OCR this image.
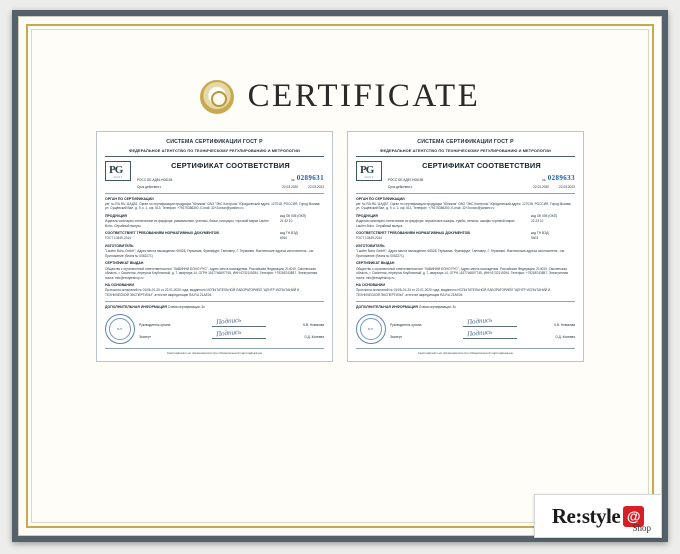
CERTIFICATE
СИСТЕМА СЕРТИФИКАЦИИ ГОСТ Р
ФЕДЕРАЛЬНОЕ АГЕНТСТВО ПО ТЕХНИЧЕСКОМУ РЕГУЛИРОВАНИЮ И МЕТРОЛОГИИ
РG
ГОСТ Р
СЕРТИФИКАТ СООТВЕТСТВИЯ
РОСС DE.АД51.Н06194	№ 0289631
Срок действия с	22.03.2020	22.03.2023
ОРГАН ПО СЕРТИФИКАЦИИ
рег. № RA.RU.11АД51. Орган по сертификации продукции "Юником" ОАО "ЭКС Контроль" Юридический адрес: 127018, РОССИЯ, Город Москва, ул. Сущёвский Вал, д. 9, к. 1, оф. 513. Телефон: +79175386300, E-mail: 32+2union@yandex.ru
ПРОДУКЦИЯ
Изделия санитарно-технические из фарфора: умывальники, унитазы, бачки, писсуары, торговой марки Laufen Bоhо. Серийный выпуск.
код ОК 005 (ОКП)
21 42 10
СООТВЕТСТВУЕТ ТРЕБОВАНИЯМ НОРМАТИВНЫХ ДОКУМЕНТОВ
ГОСТ 13449-2014
код ТН ВЭД
6910
ИЗГОТОВИТЕЛЬ
"Laufen Bоhо GmbH", Адрес места нахождения: 60528, Германия, Франкфурт, Ганновер, Г. Германия. Фактические адреса изготовителя - см. Приложение (бланк № 0062271)
СЕРТИФИКАТ ВЫДАН
Общество с ограниченной ответственностью "ЛАВИННИ БОНО РУС", Адрес места нахождения: Российская Федерация, 214019, Смоленская область, г. Смоленск, переулок Клубничный, д. 7, квартира 14, ОГРН 1167746697745, ИНН 6732119294. Телефон: +79258743857. Электронная почта: info@restyleshop.ru
НА ОСНОВАНИИ
Протокола испытаний № 01/06-01-20 от 22.01.2020 года, выданного ИСПЫТАТЕЛЬНОЙ ЛАБОРАТОРИЕЙ "ЦЕНТР ИСПЫТАНИЙ И ТЕХНИЧЕСКОЙ ЭКСПЕРТИЗЫ", аттестат аккредитации RA.RU.21АЕ04.
ДОПОЛНИТЕЛЬНАЯ ИНФОРМАЦИЯ Схема сертификации: 3с
М.П.
Руководитель органа	Подпись	К.В. Новикова
Эксперт	Подпись	О.Д. Колеева
Сертификат не применяется при обязательной сертификации
СИСТЕМА СЕРТИФИКАЦИИ ГОСТ Р
ФЕДЕРАЛЬНОЕ АГЕНТСТВО ПО ТЕХНИЧЕСКОМУ РЕГУЛИРОВАНИЮ И МЕТРОЛОГИИ
РG
ГОСТ Р
СЕРТИФИКАТ СООТВЕТСТВИЯ
РОСС DE.АД57.Н06155	№ 0289633
Срок действия с	22.03.2020	22.03.2023
ОРГАН ПО СЕРТИФИКАЦИИ
рег. № RA.RU.11АД57. Орган по сертификации продукции "Юником" ОАО "ЭКС Контроль" Юридический адрес: 127018, РОССИЯ, Город Москва, ул. Сущёвский Вал, д. 9, к. 1, оф. 513. Телефон: +79175386300, E-mail: 32+2union@yandex.ru
ПРОДУКЦИЯ
Изделия санитарно-технические из фарфора: зеркальные шкафы, тумбы, пеналы, шкафы торговой марки Laufen Bоhо. Серийный выпуск.
код ОК 005 (ОКП)
22 23 12
СООТВЕТСТВУЕТ ТРЕБОВАНИЯМ НОРМАТИВНЫХ ДОКУМЕНТОВ
ГОСТ 13449-2014
код ТН ВЭД
9403
ИЗГОТОВИТЕЛЬ
"Laufen Bоhо GmbH", Адрес места нахождения: 60528, Германия, Франкфурт, Ганновер, Г. Германия. Фактические адреса изготовителя - см. Приложение (бланк № 0062271)
СЕРТИФИКАТ ВЫДАН
Общество с ограниченной ответственностью "ЛАВИННИ БОНО РУС", Адрес места нахождения: Российская Федерация, 214019, Смоленская область, г. Смоленск, переулок Клубничный, д. 7, квартира 14, ОГРН 1167746697745, ИНН 6732119294. Телефон: +79258743857. Электронная почта: info@restyleshop.ru
НА ОСНОВАНИИ
Протокола испытаний № 01/06-01-20 от 22.01.2020 года, выданного ИСПЫТАТЕЛЬНОЙ ЛАБОРАТОРИЕЙ "ЦЕНТР ИСПЫТАНИЙ И ТЕХНИЧЕСКОЙ ЭКСПЕРТИЗЫ", аттестат аккредитации RA.RU.21АЕ04.
ДОПОЛНИТЕЛЬНАЯ ИНФОРМАЦИЯ Схема сертификации: 3с
М.П.
Руководитель органа	Подпись	К.В. Новикова
Эксперт	Подпись	О.Д. Колеева
Сертификат не применяется при обязательной сертификации
Re:style @
Shop
